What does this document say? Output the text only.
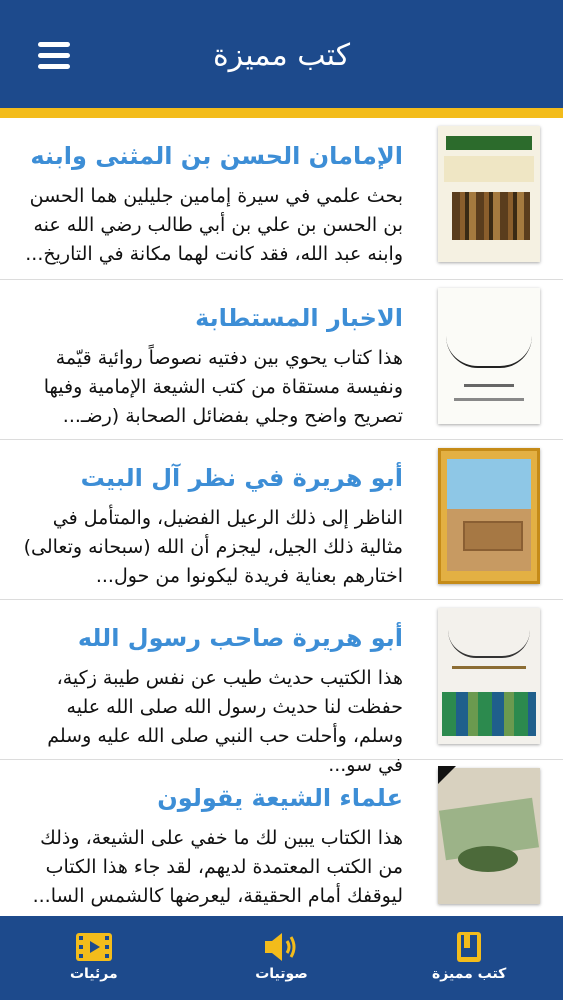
كتب مميزة
الإمامان الحسن بن المثنى وابنه

بحث علمي في سيرة إمامين جليلين هما الحسن بن الحسن بن علي بن أبي طالب رضي الله عنه وابنه عبد الله، فقد كانت لهما مكانة في التاريخ...

الاخبار المستطابة

هذا كتاب يحوي بين دفتيه نصوصاً روائية قيّمة ونفيسة مستقاة من كتب الشيعة الإمامية وفيها تصريح واضح وجلي بفضائل الصحابة (رضـ...

أبو هريرة في نظر آل البيت

الناظر إلى ذلك الرعيل الفضيل، والمتأمل في مثالية ذلك الجيل، ليجزم أن الله (سبحانه وتعالى) اختارهم بعناية فريدة ليكونوا من حول...

أبو هريرة صاحب رسول الله

هذا الكتيب حديث طيب عن نفس طيبة زكية، حفظت لنا حديث رسول الله صلى الله عليه وسلم، وأحلت حب النبي صلى الله عليه وسلم في سو...

علماء الشيعة يقولون

هذا الكتاب يبين لك ما خفي على الشيعة، وذلك من الكتب المعتمدة لديهم، لقد جاء هذا الكتاب ليوقفك أمام الحقيقة، ليعرضها كالشمس السا...

كتب مميزة
صوتيات
مرئيات
